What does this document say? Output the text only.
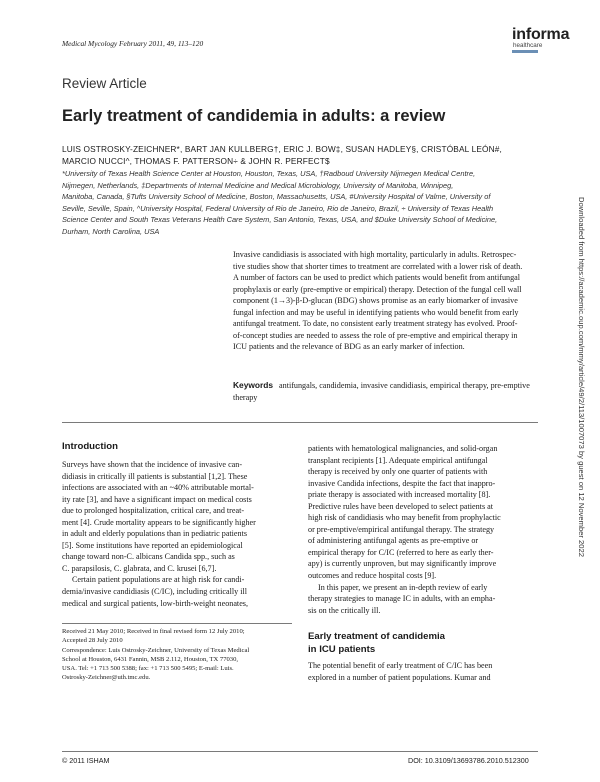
Medical Mycology February 2011, 49, 113–120
informa
healthcare
Review Article
Early treatment of candidemia in adults: a review
LUIS OSTROSKY-ZEICHNER*, BART JAN KULLBERG†, ERIC J. BOW‡, SUSAN HADLEY§, CRISTÓBAL LEÓN#,
MARCIO NUCCI^, THOMAS F. PATTERSON÷ & JOHN R. PERFECT$
*University of Texas Health Science Center at Houston, Houston, Texas, USA, †Radboud University Nijmegen Medical Centre,
Nijmegen, Netherlands, ‡Departments of Internal Medicine and Medical Microbiology, University of Manitoba, Winnipeg,
Manitoba, Canada, §Tufts University School of Medicine, Boston, Massachusetts, USA, #University Hospital of Valme, University of
Seville, Seville, Spain, ^University Hospital, Federal University of Rio de Janeiro, Rio de Janeiro, Brazil, ÷ University of Texas Health
Science Center and South Texas Veterans Health Care System, San Antonio, Texas, USA, and $Duke University School of Medicine,
Durham, North Carolina, USA
Invasive candidiasis is associated with high mortality, particularly in adults. Retrospec-
tive studies show that shorter times to treatment are correlated with a lower risk of death.
A number of factors can be used to predict which patients would benefit from antifungal
prophylaxis or early (pre-emptive or empirical) therapy. Detection of the fungal cell wall
component (1→3)-β-D-glucan (BDG) shows promise as an early biomarker of invasive
fungal infection and may be useful in identifying patients who would benefit from early
antifungal treatment. To date, no consistent early treatment strategy has evolved. Proof-
of-concept studies are needed to assess the role of pre-emptive and empirical therapy in
ICU patients and the relevance of BDG as an early marker of infection.
Keywords antifungals, candidemia, invasive candidiasis, empirical therapy, pre-emptive therapy
Introduction

Surveys have shown that the incidence of invasive can-
didiasis in critically ill patients is substantial [1,2]. These
infections are associated with an ~40% attributable mortal-
ity rate [3], and have a significant impact on medical costs
due to prolonged hospitalization, critical care, and treat-
ment [4]. Crude mortality appears to be significantly higher
in adult and elderly populations than in pediatric patients
[5]. Some institutions have reported an epidemiological
change toward non-C. albicans Candida spp., such as
C. parapsilosis, C. glabrata, and C. krusei [6,7].

Certain patient populations are at high risk for candi-
demia/invasive candidiasis (C/IC), including critically ill
medical and surgical patients, low-birth-weight neonates,

patients with hematological malignancies, and solid-organ
transplant recipients [1]. Adequate empirical antifungal
therapy is received by only one quarter of patients with
invasive Candida infections, despite the fact that inappro-
priate therapy is associated with increased mortality [8].
Predictive rules have been developed to select patients at
high risk of candidiasis who may benefit from prophylactic
or pre-emptive/empirical antifungal therapy. The strategy
of administering antifungal agents as pre-emptive or
empirical therapy for C/IC (referred to here as early ther-
apy) is currently unproven, but may significantly improve
outcomes and reduce hospital costs [9].

In this paper, we present an in-depth review of early
therapy strategies to manage IC in adults, with an empha-
sis on the critically ill.

Received 21 May 2010; Received in final revised form 12 July 2010;
Accepted 28 July 2010
Correspondence: Luis Ostrosky-Zeichner, University of Texas Medical
School at Houston, 6431 Fannin, MSB 2.112, Houston, TX 77030,
USA. Tel: +1 713 500 5388; fax: +1 713 500 5495; E-mail: Luis.
Ostrosky-Zeichner@uth.tmc.edu.
Early treatment of candidemia
in ICU patients
The potential benefit of early treatment of C/IC has been
explored in a number of patient populations. Kumar and
© 2011 ISHAM	DOI: 10.3109/13693786.2010.512300
Downloaded from https://academic.oup.com/mmy/article/49/2/113/1007073 by guest on 12 November 2022
